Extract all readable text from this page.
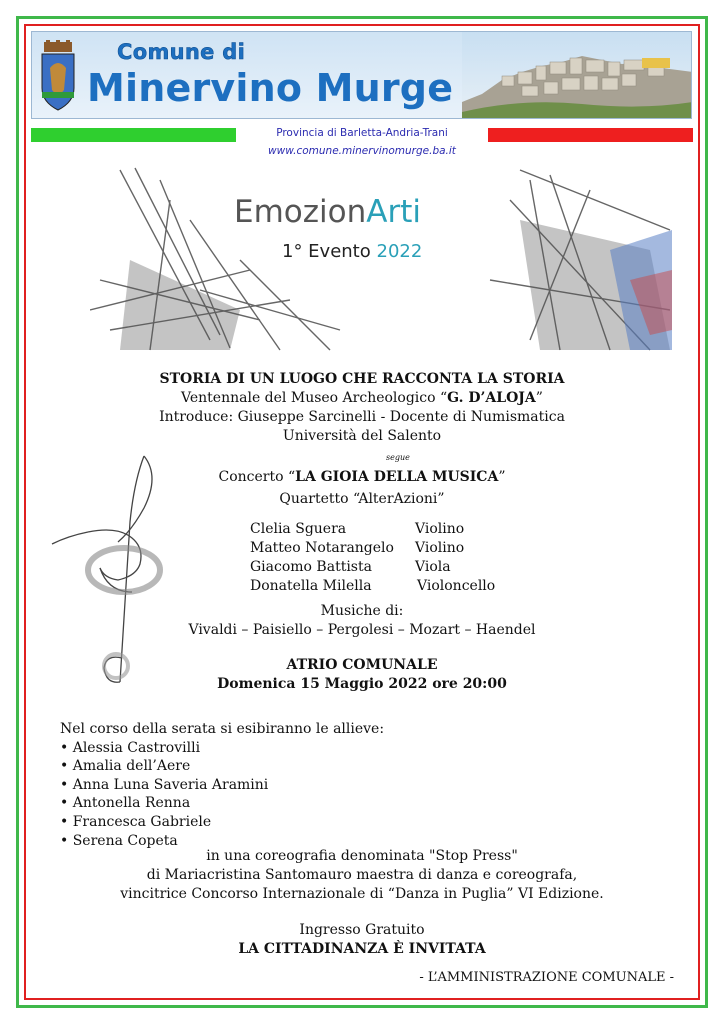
Comune di
Minervino Murge
Provincia di Barletta-Andria-Trani
www.comune.minervinomurge.ba.it
EmozionArti
1° Evento 2022
STORIA DI UN LUOGO CHE RACCONTA LA STORIA
Ventennale del Museo Archeologico “G. D’ALOJA”
Introduce: Giuseppe Sarcinelli - Docente di Numismatica
Università del Salento
segue
Concerto “LA GIOIA DELLA MUSICA”
Quartetto “AlterAzioni”
Clelia Sguera	Violino
Matteo Notarangelo Violino
Giacomo Battista	Viola
Donatella Milella	Violoncello
Musiche di:
Vivaldi – Paisiello – Pergolesi – Mozart – Haendel
ATRIO COMUNALE
Domenica 15 Maggio 2022 ore 20:00
Nel corso della serata si esibiranno le allieve:
• Alessia Castrovilli
• Amalia dell’Aere
• Anna Luna Saveria Aramini
• Antonella Renna
• Francesca Gabriele
• Serena Copeta
in una coreografia denominata "Stop Press"
di Mariacristina Santomauro maestra di danza e coreografa,
vincitrice Concorso Internazionale di “Danza in Puglia” VI Edizione.
Ingresso Gratuito
LA CITTADINANZA È INVITATA
- L’AMMINISTRAZIONE COMUNALE -
